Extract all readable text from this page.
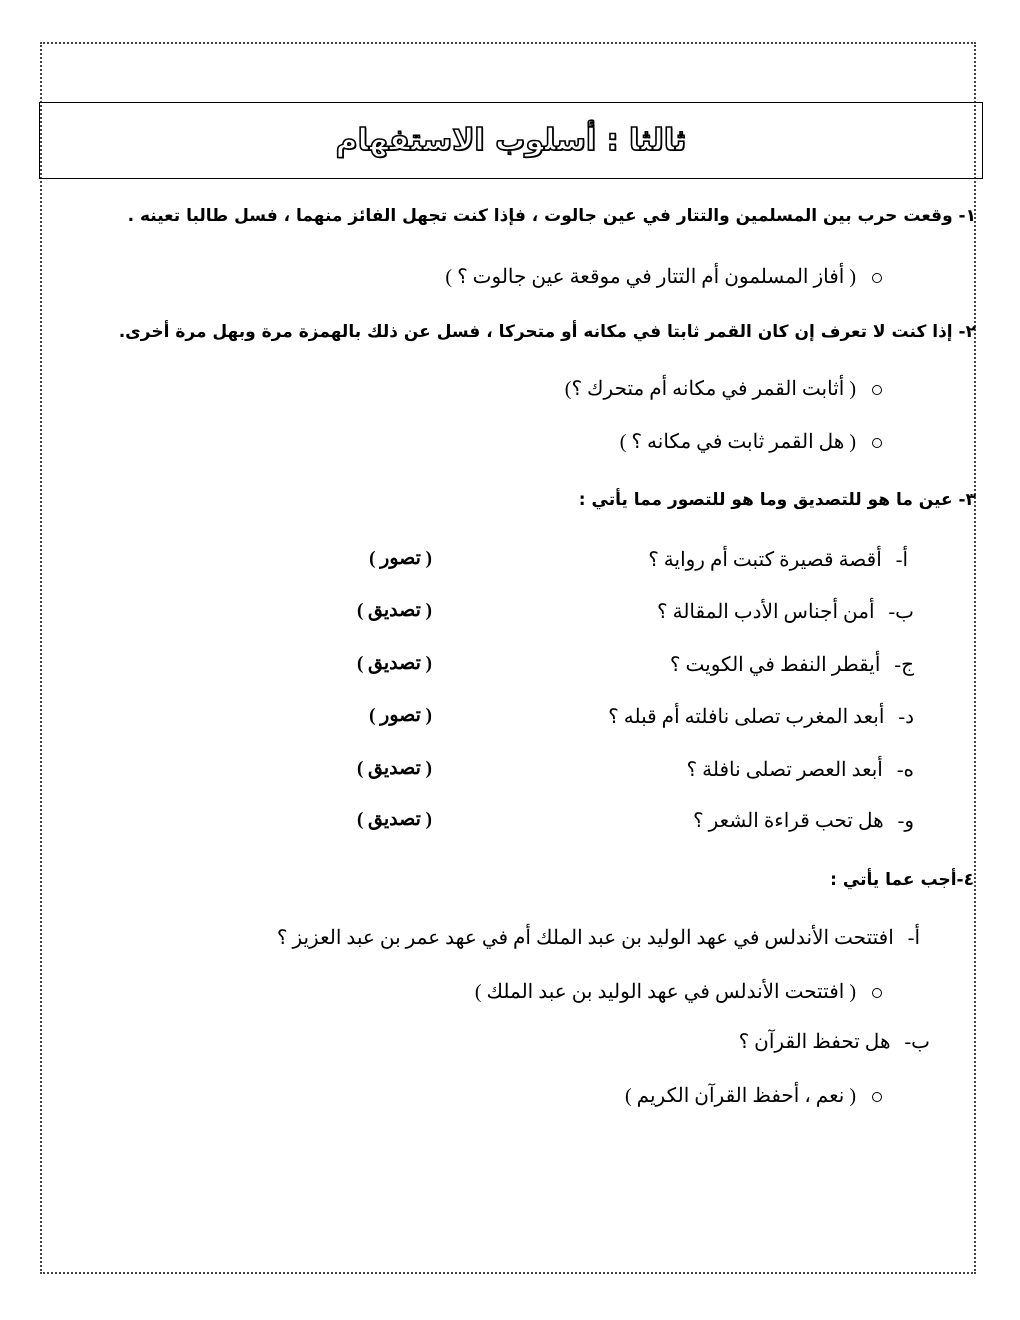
ثالثا : أسلوب الاستفهام
١- وقعت حرب بين المسلمين والتتار في عين جالوت ، فإذا كنت تجهل الفائز منهما ، فسل طالبا تعينه .
( أفاز المسلمون أم التتار في موقعة عين جالوت ؟ )
٢- إذا كنت لا تعرف إن كان القمر ثابتا في مكانه أو متحركا ، فسل عن ذلك بالهمزة مرة وبهل مرة أخرى.
( أثابت القمر في مكانه أم متحرك ؟)
( هل القمر ثابت في مكانه ؟ )
٣- عين ما هو للتصديق وما هو للتصور مما يأتي :
أ-أقصة قصيرة كتبت أم رواية ؟
( تصور )
ب-أمن أجناس الأدب المقالة ؟
( تصديق )
ج-أيقطر النفط في الكويت ؟
( تصديق )
د-أبعد المغرب تصلى نافلته أم قبله ؟
( تصور )
ه-أبعد العصر تصلى نافلة ؟
( تصديق )
و-هل تحب قراءة الشعر ؟
( تصديق )
٤-أجب عما يأتي :
أ-افتتحت الأندلس في عهد الوليد بن عبد الملك أم في عهد عمر بن عبد العزيز ؟
( افتتحت الأندلس في عهد الوليد بن عبد الملك )
ب-هل تحفظ القرآن ؟
( نعم ، أحفظ القرآن الكريم )
